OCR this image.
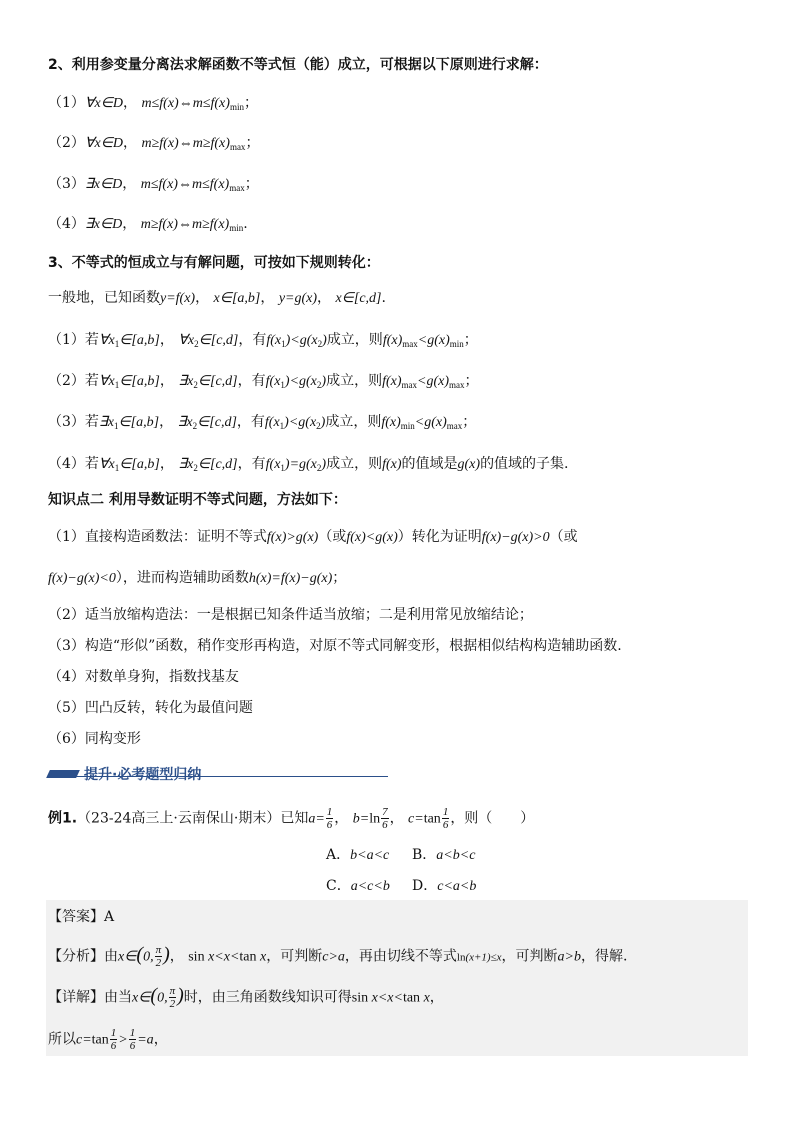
2、利用参变量分离法求解函数不等式恒（能）成立，可根据以下原则进行求解：
（1）∀x∈D， $m\le f(x)\Leftrightarrow m\le f(x)_{min}$；
（2）∀x∈D， $m\ge f(x)\Leftrightarrow m\ge f(x)_{max}$；
（3）∃x∈D， $m\le f(x)\Leftrightarrow m\le f(x)_{max}$；
（4）∃x∈D， $m\ge f(x)\Leftrightarrow m\ge f(x)_{min}$.
3、不等式的恒成立与有解问题，可按如下规则转化：
一般地，已知函数y=f(x)， x∈[a,b]， y=g(x)， x∈[c,d].
（1）若$\forall x_1\in[a,b]$， $\forall x_2\in[c,d]$，有$f(x_1)<g(x_2)$成立，则$f(x)_{max}<g(x)_{min}$；
（2）若$\forall x_1\in[a,b]$， $\exists x_2\in[c,d]$，有$f(x_1)<g(x_2)$成立，则$f(x)_{max}<g(x)_{max}$；
（3）若$\exists x_1\in[a,b]$， $\exists x_2\in[c,d]$，有$f(x_1)<g(x_2)$成立，则$f(x)_{min}<g(x)_{max}$；
（4）若$\forall x_1\in[a,b]$， $\exists x_2\in[c,d]$，有$f(x_1)=g(x_2)$成立，则f(x)的值域是g(x)的值域的子集.
知识点二 利用导数证明不等式问题，方法如下：
（1）直接构造函数法：证明不等式f(x)>g(x)（或f(x)<g(x)）转化为证明f(x)−g(x)>0（或
f(x)−g(x)<0），进而构造辅助函数h(x)=f(x)−g(x)；
（2）适当放缩构造法：一是根据已知条件适当放缩；二是利用常见放缩结论；
（3）构造“形似”函数，稍作变形再构造，对原不等式同解变形，根据相似结构构造辅助函数.
（4）对数单身狗，指数找基友
（5）凹凸反转，转化为最值问题
（6）同构变形
提升·必考题型归纳
例1.（23-24高三上·云南保山·期末）已知$a= \frac{1}{6}$ ， $b=\ln \frac{7}{6}$ ， $c=\tan \frac{1}{6}$ ，则（　　）
A．b<a<c B．a<b<c
C．a<c<b D．c<a<b
【答案】A
【分析】由x∈(0, $\frac{\pi}{2}$ )， sin x<x<tan x，可判断c>a，再由切线不等式ln(x+1)≤x，可判断a>b，得解.
【详解】由当x∈(0, $\frac{\pi}{2}$ )时，由三角函数线知识可得sin x<x<tan x，
所以$c=\tan \frac{1}{6} > \frac{1}{6} =a$，
